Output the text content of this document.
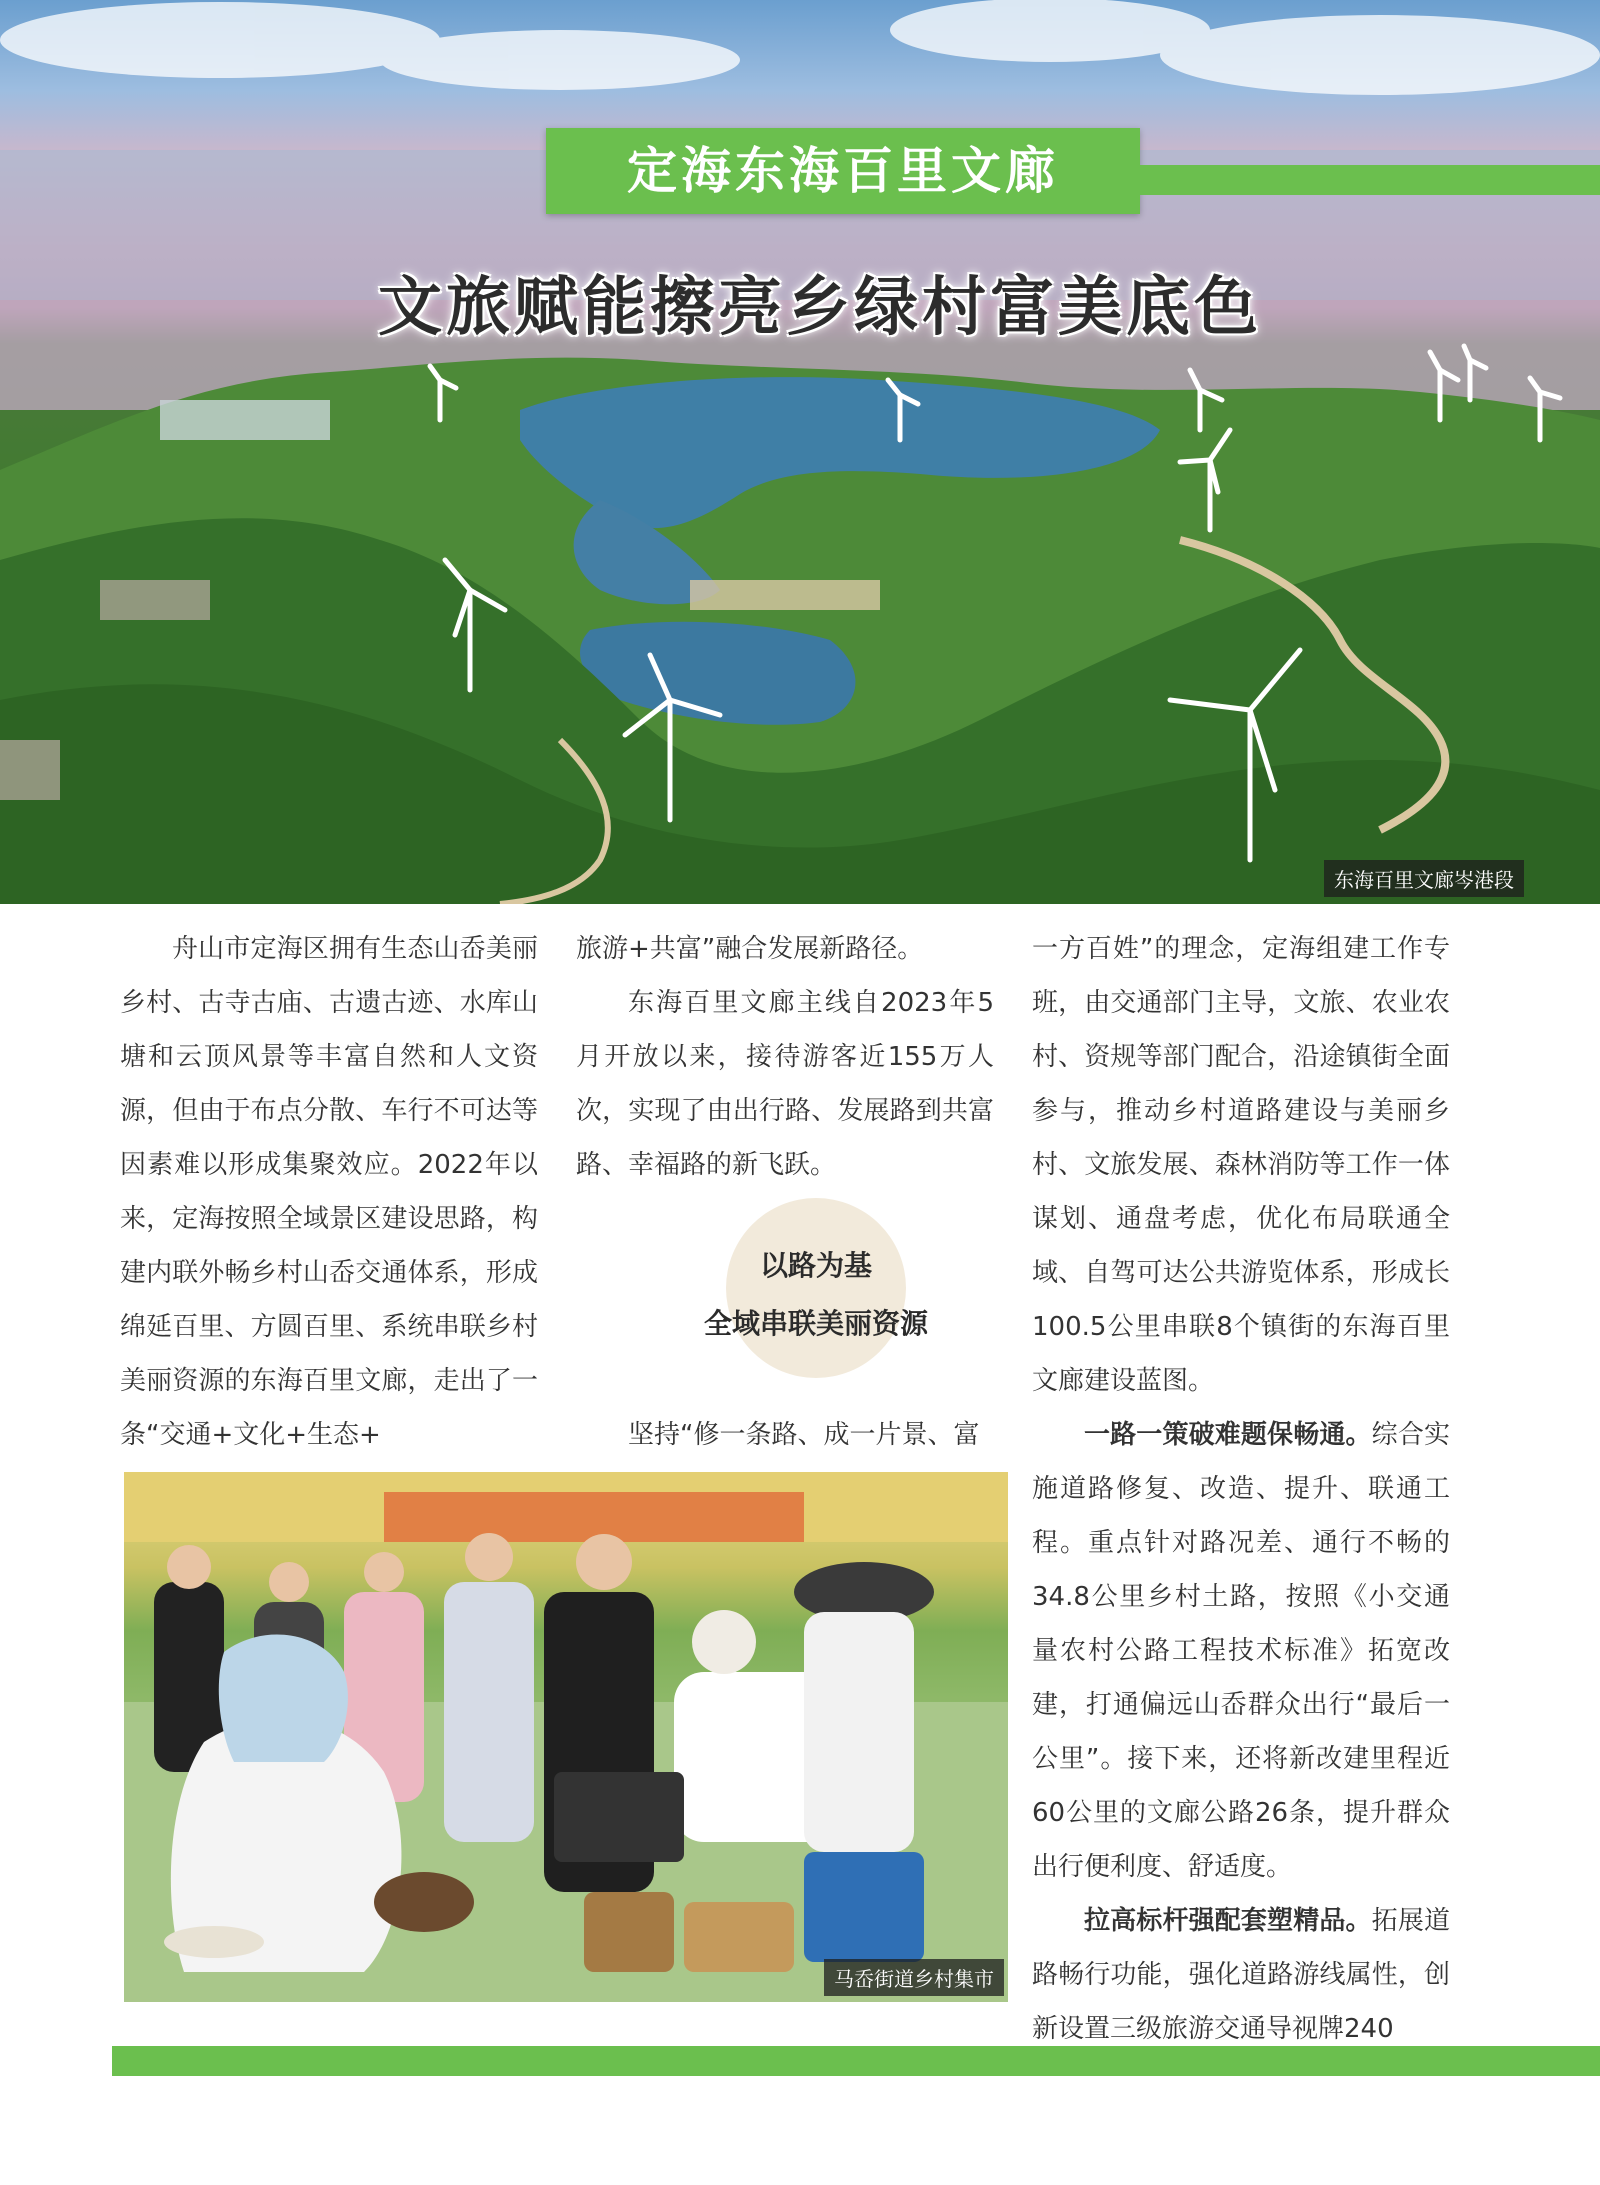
定海东海百里文廊
文旅赋能擦亮乡绿村富美底色
东海百里文廊岑港段

舟山市定海区拥有生态山岙美丽乡村、古寺古庙、古遗古迹、水库山塘和云顶风景等丰富自然和人文资源，但由于布点分散、车行不可达等因素难以形成集聚效应。2022年以来，定海按照全域景区建设思路，构建内联外畅乡村山岙交通体系，形成绵延百里、方圆百里、系统串联乡村美丽资源的东海百里文廊，走出了一条“交通+文化+生态+

旅游+共富”融合发展新路径。

东海百里文廊主线自2023年5月开放以来，接待游客近155万人次，实现了由出行路、发展路到共富路、幸福路的新飞跃。

以路为基
全域串联美丽资源

坚持“修一条路、成一片景、富

一方百姓”的理念，定海组建工作专班，由交通部门主导，文旅、农业农村、资规等部门配合，沿途镇街全面参与，推动乡村道路建设与美丽乡村、文旅发展、森林消防等工作一体谋划、通盘考虑，优化布局联通全域、自驾可达公共游览体系，形成长100.5公里串联8个镇街的东海百里文廊建设蓝图。

一路一策破难题保畅通。综合实施道路修复、改造、提升、联通工程。重点针对路况差、通行不畅的34.8公里乡村土路，按照《小交通量农村公路工程技术标准》拓宽改建，打通偏远山岙群众出行“最后一公里”。接下来，还将新改建里程近60公里的文廊公路26条，提升群众出行便利度、舒适度。

拉高标杆强配套塑精品。拓展道路畅行功能，强化道路游线属性，创新设置三级旅游交通导视牌240

马岙街道乡村集市
